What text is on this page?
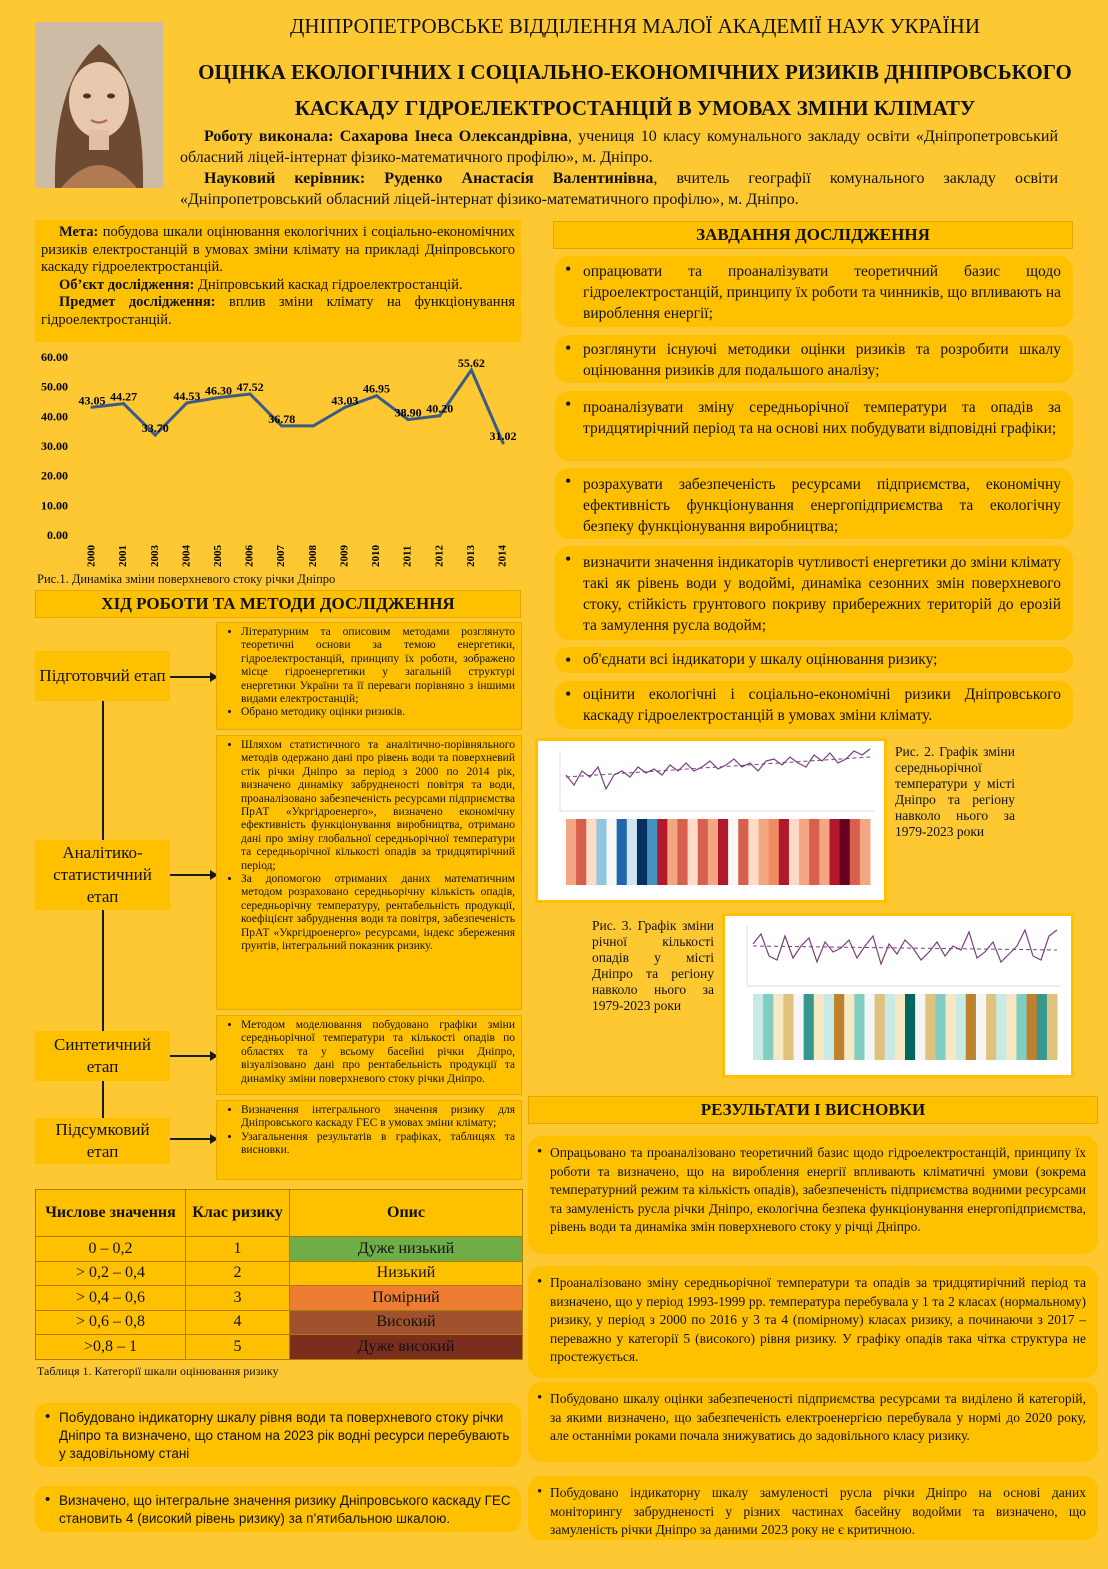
ДНІПРОПЕТРОВСЬКЕ ВІДДІЛЕННЯ МАЛОЇ АКАДЕМІЇ НАУК УКРАЇНИ
ОЦІНКА ЕКОЛОГІЧНИХ І СОЦІАЛЬНО-ЕКОНОМІЧНИХ РИЗИКІВ ДНІПРОВСЬКОГО
КАСКАДУ ГІДРОЕЛЕКТРОСТАНЦІЙ В УМОВАХ ЗМІНИ КЛІМАТУ

Роботу виконала: Сахарова Інеса Олександрівна, учениця 10 класу комунального закладу освіти «Дніпропетровський обласний ліцей-інтернат фізико-математичного профілю», м. Дніпро.

Науковий керівник: Руденко Анастасія Валентинівна, вчитель географії комунального закладу освіти «Дніпропетровський обласний ліцей-інтернат фізико-математичного профілю», м. Дніпро.

Мета: побудова шкали оцінювання екологічних і соціально-економічних ризиків електростанцій в умовах зміни клімату на прикладі Дніпровського каскаду гідроелектростанцій.

Об’єкт дослідження: Дніпровський каскад гідроелектростанцій.

Предмет дослідження: вплив зміни клімату на функціонування гідроелектростанцій.

60.00
50.00
40.00
30.00
20.00
10.00
0.00
43.05
2000
44.27
2001
33.70
2003
44.53
2004
46.30
2005
47.52
2006
36.78
2007 2008
43.03
2009
46.95
2010
38.90
2011
40.20
2012
55.62
2013
31.02
2014
Рис.1. Динаміка зміни поверхневого стоку річки Дніпро
ХІД РОБОТИ ТА МЕТОДИ ДОСЛІДЖЕННЯ
Підготовчий етап
Аналітико-статистичний етап
Синтетичний етап
Підсумковий етап
• Літературним та описовим методами розглянуто теоретичні основи за темою енергетики, гідроелектростанцій, принципу їх роботи, зображено місце гідроенергетики у загальній структурі енергетики України та її переваги порівняно з іншими видами електростанцій;
• Обрано методику оцінки ризиків.
• Шляхом статистичного та аналітично-порівняльного методів одержано дані про рівень води та поверхневий стік річки Дніпро за період з 2000 по 2014 рік, визначено динаміку забрудненості повітря та води, проаналізовано забезпеченість ресурсами підприємства ПрАТ «Укргідроенерго», визначено економічну ефективність функціонування виробництва, отримано дані про зміну глобальної середньорічної температури та середньорічної кількості опадів за тридцятирічний період;
• За допомогою отриманих даних математичним методом розраховано середньорічну кількість опадів, середньорічну температуру, рентабельність продукції, коефіцієнт забруднення води та повітря, забезпеченість ПрАТ «Укргідроенерго» ресурсами, індекс збереження ґрунтів, інтегральний показник ризику.
• Методом моделювання побудовано графіки зміни середньорічної температури та кількості опадів по областях та у всьому басейні річки Дніпро, візуалізовано дані про рентабельність продукції та динаміку зміни поверхневого стоку річки Дніпро.
• Визначення інтегрального значення ризику для Дніпровського каскаду ГЕС в умовах зміни клімату;
• Узагальнення результатів в графіках, таблицях та висновки.
Числове значення	Клас ризику	Опис
0 – 0,2	1	Дуже низький
> 0,2 – 0,4	2	Низький
> 0,4 – 0,6	3	Помірний
> 0,6 – 0,8	4	Високий
>0,8 – 1	5	Дуже високий
Таблиця 1. Категорії шкали оцінювання ризику
• Побудовано індикаторну шкалу рівня води та поверхневого стоку річки Дніпро та визначено, що станом на 2023 рік водні ресурси перебувають у задовільному стані
• Визначено, що інтегральне значення ризику Дніпровського каскаду ГЕС становить 4 (високий рівень ризику) за п’ятибальною шкалою.
ЗАВДАННЯ ДОСЛІДЖЕННЯ
• опрацювати та проаналізувати теоретичний базис щодо гідроелектростанцій, принципу їх роботи та чинників, що впливають на вироблення енергії;
• розглянути існуючі методики оцінки ризиків та розробити шкалу оцінювання ризиків для подальшого аналізу;
• проаналізувати зміну середньорічної температури та опадів за тридцятирічний період та на основі них побудувати відповідні графіки;
• розрахувати забезпеченість ресурсами підприємства, економічну ефективність функціонування енергопідприємства та екологічну безпеку функціонування виробництва;
• визначити значення індикаторів чутливості енергетики до зміни клімату такі як рівень води у водоймі, динаміка сезонних змін поверхневого стоку, стійкість грунтового покриву прибережних територій до ерозій та замулення русла водойм;
• об'єднати всі індикатори у шкалу оцінювання ризику;
• оцінити екологічні і соціально-економічні ризики Дніпровського каскаду гідроелектростанцій в умовах зміни клімату.
Рис. 2. Графік зміни середньорічної температури у місті Дніпро та регіону навколо нього за 1979-2023 роки
Рис. 3. Графік зміни річної кількості опадів у місті Дніпро та регіону навколо нього за 1979-2023 роки
РЕЗУЛЬТАТИ І ВИСНОВКИ
• Опрацьовано та проаналізовано теоретичний базис щодо гідроелектростанцій, принципу їх роботи та визначено, що на вироблення енергії впливають кліматичні умови (зокрема температурний режим та кількість опадів), забезпеченість підприємства водними ресурсами та замуленість русла річки Дніпро, екологічна безпека функціонування енергопідприємства, рівень води та динаміка змін поверхневого стоку у річці Дніпро.
• Проаналізовано зміну середньорічної температури та опадів за тридцятирічний період та визначено, що у період 1993-1999 рр. температура перебувала у 1 та 2 класах (нормальному) ризику, у період з 2000 по 2016 у 3 та 4 (помірному) класах ризику, а починаючи з 2017 – переважно у категорії 5 (високого) рівня ризику. У графіку опадів така чітка структура не простежується.
• Побудовано шкалу оцінки забезпеченості підприємства ресурсами та виділено й категорій, за якими визначено, що забезпеченість електроенергією перебувала у нормі до 2020 року, але останніми роками почала знижуватись до задовільного класу ризику.
• Побудовано індикаторну шкалу замуленості русла річки Дніпро на основі даних моніторингу забрудненості у різних частинах басейну водойми та визначено, що замуленість річки Дніпро за даними 2023 року не є критичною.
